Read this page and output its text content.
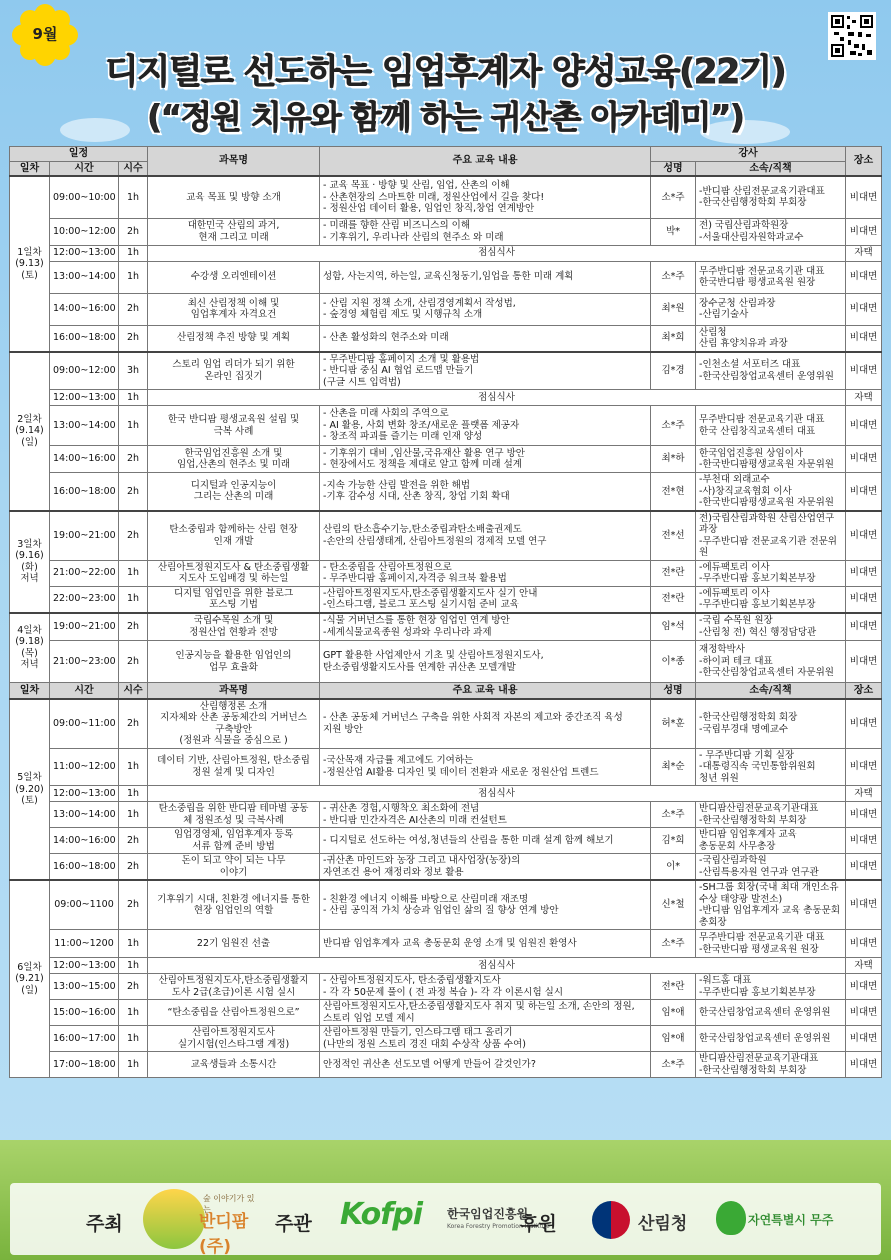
9월
디지털로 선도하는 임업후계자 양성교육(22기)
(“정원 치유와 함께 하는 귀산촌 아카데미”)
일정			과목명	주요 교육 내용	강사		장소
일차	시간	시수			성명	소속/직책	
1일차
(9.13)
(토)	09:00~10:00	1h	교육 목표 및 방향 소개	- 교육 목표 · 방향 및 산림, 임업, 산촌의 이해
- 산촌현장의 스마트한 미래, 정원산업에서 길을 찾다!
- 정원산업 데이터 활용, 임업인 창직,창업 연계방안	소*주	-반디팜 산림전문교육기관대표
-한국산림행정학회 부회장	비대면
	10:00~12:00	2h	대한민국 산림의 과거,
현재 그리고 미래	- 미래를 향한 산림 비즈니스의 이해
- 기후위기, 우리나라 산림의 현주소 와 미래	박*	전) 국립산림과학원장
-서울대산림자원학과교수	비대면
	12:00~13:00	1h	점심식사				자택
	13:00~14:00	1h	수강생 오리엔테이션	성함, 사는지역, 하는일, 교육신청동기,임업을 통한 미래 계획	소*주	무주반디팜 전문교육기관 대표
한국반디팜 평생교육원 원장	비대면
	14:00~16:00	2h	최신 산림정책 이해 및
임업후계자 자격요건	- 산림 지원 정책 소개, 산림경영계획서 작성법,
- 숲경영 체험림 제도 및 시행규칙 소개	최*원	장수군청 산림과장
-산림기술사	비대면
	16:00~18:00	2h	산림정책 추진 방향 및 계획	- 산촌 활성화의 현주소와 미래	최*희	산림청
산림 휴양치유과 과장	비대면
2일차
(9.14)
(일)	09:00~12:00	3h	스토리 임업 리더가 되기 위한
온라인 집짓기	- 무주반디팜 홈페이지 소개 및 활용법
- 반디팜 중심 AI 협업 로드맵 만들기
(구글 시트 입력법)	김*경	-인천소셜 서포터즈 대표
-한국산림창업교육센터 운영위원	비대면
	12:00~13:00	1h	점심식사				자택
	13:00~14:00	1h	한국 반디팜 평생교육원 설립 및
극복 사례	- 산촌을 미래 사회의 주역으로
- AI 활용, 사회 변화 창조/새로운 플랫폼 제공자
- 창조적 파괴를 즐기는 미래 인재 양성	소*주	무주반디팜 전문교육기관 대표
한국 산림창직교육센터 대표	비대면
	14:00~16:00	2h	한국임업진흥원 소개 및
임업,산촌의 현주소 및 미래	- 기후위기 대비 ,임산물,국유재산 활용 연구 방안
- 현장에서도 정책을 제대로 알고 함께 미래 설계	최*하	한국임업진흥원 상임이사
-한국반디팜평생교육원 자문위원	비대면
	16:00~18:00	2h	디지털과 인공지능이
그리는 산촌의 미래	-지속 가능한 산림 발전을 위한 해법
-기후 감수성 시대, 산촌 창직, 창업 기회 확대	전*현	-부천대 외래교수
-사)창직교육협회 이사
-한국반디팜평생교육원 자문위원	비대면
3일차
(9.16)
(화)
저녁	19:00~21:00	2h	탄소중립과 함께하는 산림 현장
인재 개발	산림의 탄소흡수기능,탄소중립과탄소배출권제도
-손안의 산림생태계, 산림아트정원의 경제적 모델 연구	전*선	전)국립산림과학원 산림산업연구과장
-무주반디팜 전문교육기관 전문위원	비대면
	21:00~22:00	1h	산림아트정원지도사 & 탄소중립생활
지도사 도입배경 및 하는일	- 탄소중립을 산림아트정원으로
- 무주반디팜 홈페이지,자격증 워크북 활용법	전*란	-에듀팩토리 이사
-무주반디팜 홍보기획본부장	비대면
	22:00~23:00	1h	디지털 임업인을 위한 블로그
포스팅 기법	-산림아트정원지도사,탄소중립생활지도사 실기 안내
-인스타그램, 블로그 포스팅 실기시험 준비 교육	전*란	-에듀팩토리 이사
-무주반디팜 홍보기획본부장	비대면
4일차
(9.18)
(목)
저녁	19:00~21:00	2h	국립수목원 소개 및
정원산업 현황과 전망	-식물 거버넌스를 통한 현장 임업인 연계 방안
-세계식물교육종원 성과와 우리나라 과제	임*석	-국립 수목원 원장
-산림청 전) 혁신 행정담당관	비대면
	21:00~23:00	2h	인공지능을 활용한 임업인의
업무 효율화	GPT 활용한 사업제안서 기초 및 산림아트정원지도사,
탄소중립생활지도사를 연계한 귀산촌 모델개발	이*종	재정학박사
-하이퍼 테크 대표
-한국산림창업교육센터 자문위원	비대면
일차	시간	시수	과목명	주요 교육 내용	성명	소속/직책	장소
5일차
(9.20)
(토)	09:00~11:00	2h	산림행정론 소개
지자체와 산촌 공동체간의 거버넌스
구축방안
(정원과 식물을 중심으로 )	- 산촌 공동체 거버넌스 구축을 위한 사회적 자본의 제고와 중간조직 육성
지원 방안	허*훈	-한국산림행정학회 회장
-국립부경대 명예교수	비대면
	11:00~12:00	1h	데이터 기반, 산림아트정원, 탄소중립
정원 설계 및 디자인	-국산목재 자급률 제고에도 기여하는
-정원산업 AI활용 디자인 및 데이터 전환과 새로운 정원산업 트렌드	최*순	- 무주반디팜 기획 실장
-대통령직속 국민통합위원회
청년 위원	비대면
	12:00~13:00	1h	점심식사				자택
	13:00~14:00	1h	탄소중립을 위한 반디팜 테마별 공동
체 정원조성 및 극복사례	- 귀산촌 경험,시행착오 최소화에 전념
- 반디팜 민간자격은 AI산촌의 미래 컨설턴트	소*주	반디팜산림전문교육기관대표
-한국산림행정학회 부회장	비대면
	14:00~16:00	2h	임업경영체, 임업후계자 등록
서류 함께 준비 방법	- 디지털로 선도하는 여성,청년들의 산림을 통한 미래 설계 함께 해보기	김*희	반디팜 임업후계자 교육
총동문회 사무총장	비대면
	16:00~18:00	2h	돈이 되고 약이 되는 나무
이야기	-귀산촌 마인드와 농장 그리고 내사업장(농장)의
자연조건 용어 재정리와 정보 활용	이*	-국립산림과학원
-산림특용자원 연구과 연구관	비대면
6일차
(9.21)
(일)	09:00~1100	2h	기후위기 시대, 친환경 에너지를 통한
현장 임업인의 역할	- 친환경 에너지 이해를 바탕으로 산림미래 재조명
- 산림 공익적 가치 상승과 임업인 삶의 질 향상 연계 방안	신*철	-SH그룹 회장(국내 최대 개인소유
수상 태양광 발전소)
-반디팜 임업후계자 교육 총동문회
총회장	비대면
	11:00~1200	1h	22기 임원진 선출	반디팜 임업후계자 교육 총동문회 운영 소개 및 임원진 환영사	소*주	무주반디팜 전문교육기관 대표
-한국반디팜 평생교육원 원장	비대면
	12:00~13:00	1h	점심식사				자택
	13:00~15:00	2h	산림아트정원지도사,탄소중립생활지
도사 2급(초급)이론 시험 실시	- 산림아트정원지도사, 탄소중립생활지도사
- 각 각 50문제 풀이 ( 전 과정 복습 )- 각 각 이론시험 실시	전*란	-워드홈 대표
-무주반디팜 홍보기획본부장	비대면
	15:00~16:00	1h	“탄소중립을 산림아트정원으로”	산림아트정원지도사,탄소중립생활지도사 취지 및 하는일 소개, 손안의 정원,
스토리 임업 모델 제시	임*애	한국산림창업교육센터 운영위원	비대면
	16:00~17:00	1h	산림아트정원지도사
실기시험(인스타그램 계정)	산림아트정원 만들기, 인스타그램 태그 올리기
(나만의 정원 스토리 경진 대회 수상작 상품 수여)	임*애	한국산림창업교육센터 운영위원	비대면
	17:00~18:00	1h	교육생들과 소통시간	안정적인 귀산촌 선도모델 어떻게 만들어 갈것인가?	소*주	반디팜산림전문교육기관대표
-한국산림행정학회 부회장	비대면
주최
숲 이야기가 있는
반디팜(주)
주관 Kofpi 한국임업진흥원
Korea Forestry Promotion Institute
후원	산림청	자연특별시 무주
